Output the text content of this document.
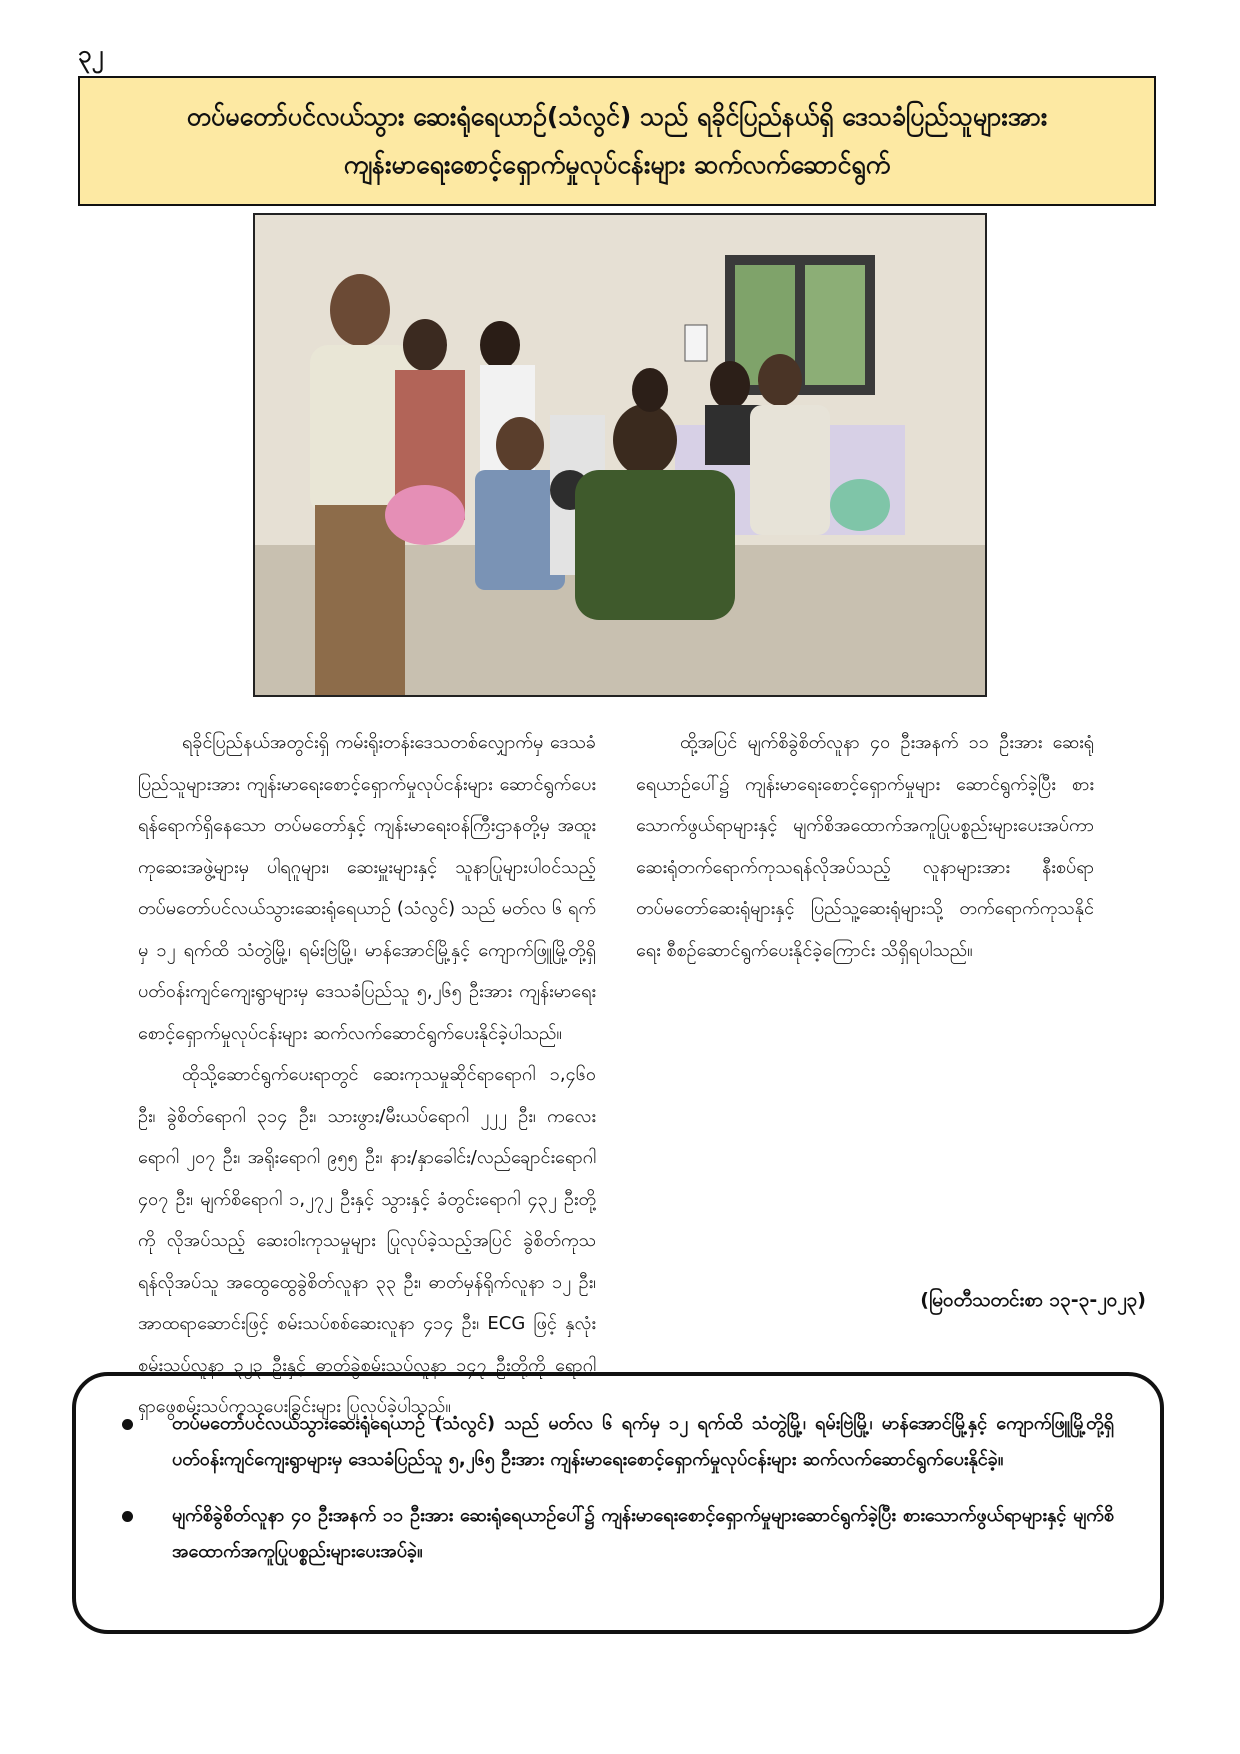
၃၂
တပ်မတော်ပင်လယ်သွား ဆေးရုံရေယာဉ်(သံလွင်) သည် ရခိုင်ပြည်နယ်ရှိ ဒေသခံပြည်သူများအား
ကျန်းမာရေးစောင့်ရှောက်မှုလုပ်ငန်းများ ဆက်လက်ဆောင်ရွက်

ရခိုင်ပြည်နယ်အတွင်းရှိ ကမ်းရိုးတန်းဒေသတစ်လျှောက်မှ ဒေသခံပြည်သူများအား ကျန်းမာရေးစောင့်ရှောက်မှုလုပ်ငန်းများ ဆောင်ရွက်ပေးရန်ရောက်ရှိနေသော တပ်မတော်နှင့် ကျန်းမာရေးဝန်ကြီးဌာနတို့မှ အထူးကုဆေးအဖွဲ့များမှ ပါရဂူများ၊ ဆေးမှူးများနှင့် သူနာပြုများပါဝင်သည့် တပ်မတော်ပင်လယ်သွားဆေးရုံရေယာဉ် (သံလွင်) သည် မတ်လ ၆ ရက်မှ ၁၂ ရက်ထိ သံတွဲမြို့၊ ရမ်းဗြဲမြို့၊ မာန်အောင်မြို့နှင့် ကျောက်ဖြူမြို့တို့ရှိ ပတ်ဝန်းကျင်ကျေးရွာများမှ ဒေသခံပြည်သူ ၅,၂၆၅ ဦးအား ကျန်းမာရေးစောင့်ရှောက်မှုလုပ်ငန်းများ ဆက်လက်ဆောင်ရွက်ပေးနိုင်ခဲ့ပါသည်။

ထိုသို့ဆောင်ရွက်ပေးရာတွင် ဆေးကုသမှုဆိုင်ရာရောဂါ ၁,၄၆၀ ဦး၊ ခွဲစိတ်ရောဂါ ၃၁၄ ဦး၊ သားဖွား/မီးယပ်ရောဂါ ၂၂၂ ဦး၊ ကလေးရောဂါ ၂၀၇ ဦး၊ အရိုးရောဂါ ၉၅၅ ဦး၊ နား/နှာခေါင်း/လည်ချောင်းရောဂါ ၄၀၇ ဦး၊ မျက်စိရောဂါ ၁,၂၇၂ ဦးနှင့် သွားနှင့် ခံတွင်းရောဂါ ၄၃၂ ဦးတို့ကို လိုအပ်သည့် ဆေးဝါးကုသမှုများ ပြုလုပ်ခဲ့သည့်အပြင် ခွဲစိတ်ကုသရန်လိုအပ်သူ အထွေထွေခွဲစိတ်လူနာ ၃၃ ဦး၊ ဓာတ်မှန်ရိုက်လူနာ ၁၂ ဦး၊ အာထရာဆောင်းဖြင့် စမ်းသပ်စစ်ဆေးလူနာ ၄၁၄ ဦး၊ ECG ဖြင့် နှလုံးစမ်းသပ်လူနာ ၃၂၃ ဦးနှင့် ဓာတ်ခွဲစမ်းသပ်လူနာ ၁၄၇ ဦးတို့ကို ရောဂါရှာဖွေစမ်းသပ်ကုသပေးခြင်းများ ပြုလုပ်ခဲ့ပါသည်။

ထို့အပြင် မျက်စိခွဲစိတ်လူနာ ၄၀ ဦးအနက် ၁၁ ဦးအား ဆေးရုံရေယာဉ်ပေါ်၌ ကျန်းမာရေးစောင့်ရှောက်မှုများ ဆောင်ရွက်ခဲ့ပြီး စားသောက်ဖွယ်ရာများနှင့် မျက်စိအထောက်အကူပြုပစ္စည်းများပေးအပ်ကာ ဆေးရုံတက်ရောက်ကုသရန်လိုအပ်သည့် လူနာများအား နီးစပ်ရာတပ်မတော်ဆေးရုံများနှင့် ပြည်သူ့ဆေးရုံများသို့ တက်ရောက်ကုသနိုင်ရေး စီစဉ်ဆောင်ရွက်ပေးနိုင်ခဲ့ကြောင်း သိရှိရပါသည်။

(မြဝတီသတင်းစာ ၁၃-၃-၂၀၂၃)
တပ်မတော်ပင်လယ်သွားဆေးရုံရေယာဉ် (သံလွင်) သည် မတ်လ ၆ ရက်မှ ၁၂ ရက်ထိ သံတွဲမြို့၊ ရမ်းဗြဲမြို့၊ မာန်အောင်မြို့နှင့် ကျောက်ဖြူမြို့တို့ရှိ ပတ်ဝန်းကျင်ကျေးရွာများမှ ဒေသခံပြည်သူ ၅,၂၆၅ ဦးအား ကျန်းမာရေးစောင့်ရှောက်မှုလုပ်ငန်းများ ဆက်လက်ဆောင်ရွက်ပေးနိုင်ခဲ့။
မျက်စိခွဲစိတ်လူနာ ၄၀ ဦးအနက် ၁၁ ဦးအား ဆေးရုံရေယာဉ်ပေါ်၌ ကျန်းမာရေးစောင့်ရှောက်မှုများဆောင်ရွက်ခဲ့ပြီး စားသောက်ဖွယ်ရာများနှင့် မျက်စိအထောက်အကူပြုပစ္စည်းများပေးအပ်ခဲ့။
